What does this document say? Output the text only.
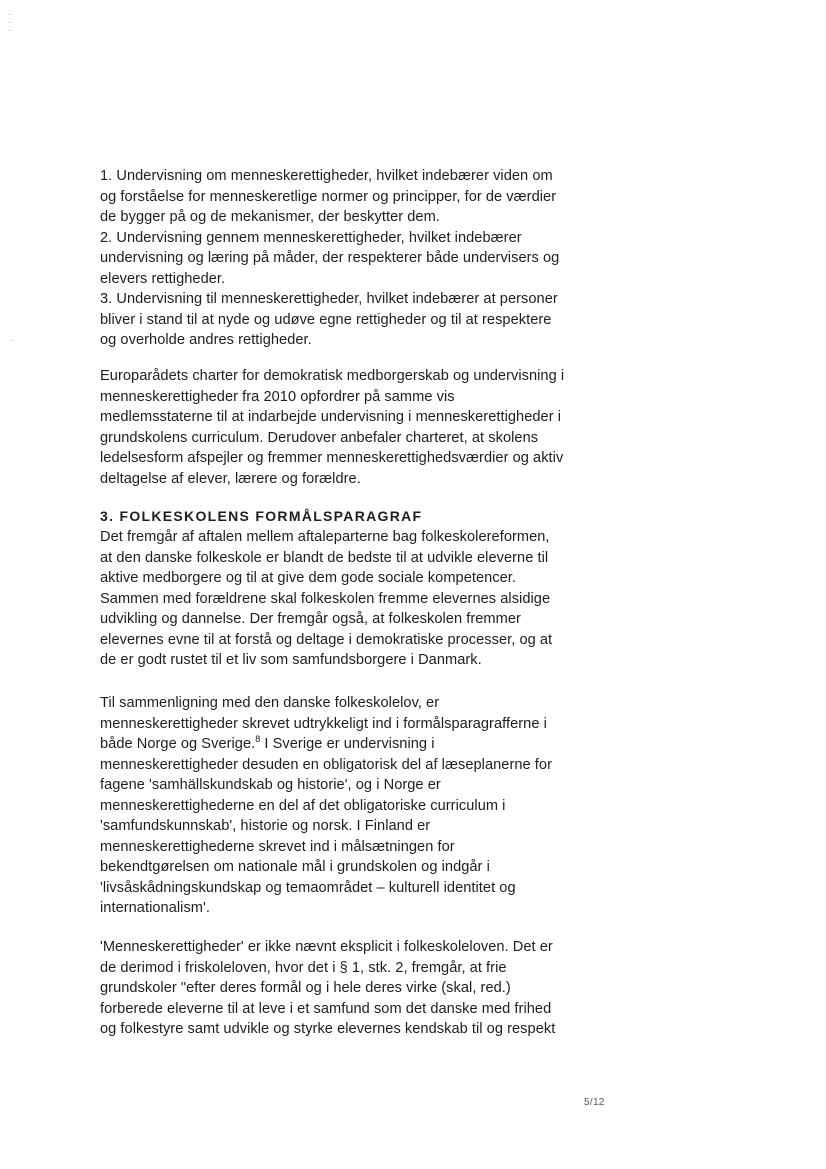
1. Undervisning om menneskerettigheder, hvilket indebærer viden om
og forståelse for menneskeretlige normer og principper, for de værdier
de bygger på og de mekanismer, der beskytter dem.
2. Undervisning gennem menneskerettigheder, hvilket indebærer
undervisning og læring på måder, der respekterer både undervisers og
elevers rettigheder.
3. Undervisning til menneskerettigheder, hvilket indebærer at personer
bliver i stand til at nyde og udøve egne rettigheder og til at respektere
og overholde andres rettigheder.
Europarådets charter for demokratisk medborgerskab og undervisning i
menneskerettigheder fra 2010 opfordrer på samme vis
medlemsstaterne til at indarbejde undervisning i menneskerettigheder i
grundskolens curriculum. Derudover anbefaler charteret, at skolens
ledelsesform afspejler og fremmer menneskerettighedsværdier og aktiv
deltagelse af elever, lærere og forældre.
3. FOLKESKOLENS FORMÅLSPARAGRAF
Det fremgår af aftalen mellem aftaleparterne bag folkeskolereformen,
at den danske folkeskole er blandt de bedste til at udvikle eleverne til
aktive medborgere og til at give dem gode sociale kompetencer.
Sammen med forældrene skal folkeskolen fremme elevernes alsidige
udvikling og dannelse. Der fremgår også, at folkeskolen fremmer
elevernes evne til at forstå og deltage i demokratiske processer, og at
de er godt rustet til et liv som samfundsborgere i Danmark.
Til sammenligning med den danske folkeskolelov, er
menneskerettigheder skrevet udtrykkeligt ind i formålsparagrafferne i
både Norge og Sverige.$^8$ I Sverige er undervisning i
menneskerettigheder desuden en obligatorisk del af læseplanerne for
fagene 'samhällskundskab og historie', og i Norge er
menneskerettighederne en del af det obligatoriske curriculum i
'samfundskunnskab', historie og norsk. I Finland er
menneskerettighederne skrevet ind i målsætningen for
bekendtgørelsen om nationale mål i grundskolen og indgår i
'livsåskådningskundskap og temaområdet – kulturell identitet og
internationalism'.
'Menneskerettigheder' er ikke nævnt eksplicit i folkeskoleloven. Det er
de derimod i friskoleloven, hvor det i § 1, stk. 2, fremgår, at frie
grundskoler "efter deres formål og i hele deres virke (skal, red.)
forberede eleverne til at leve i et samfund som det danske med frihed
og folkestyre samt udvikle og styrke elevernes kendskab til og respekt
5/12
